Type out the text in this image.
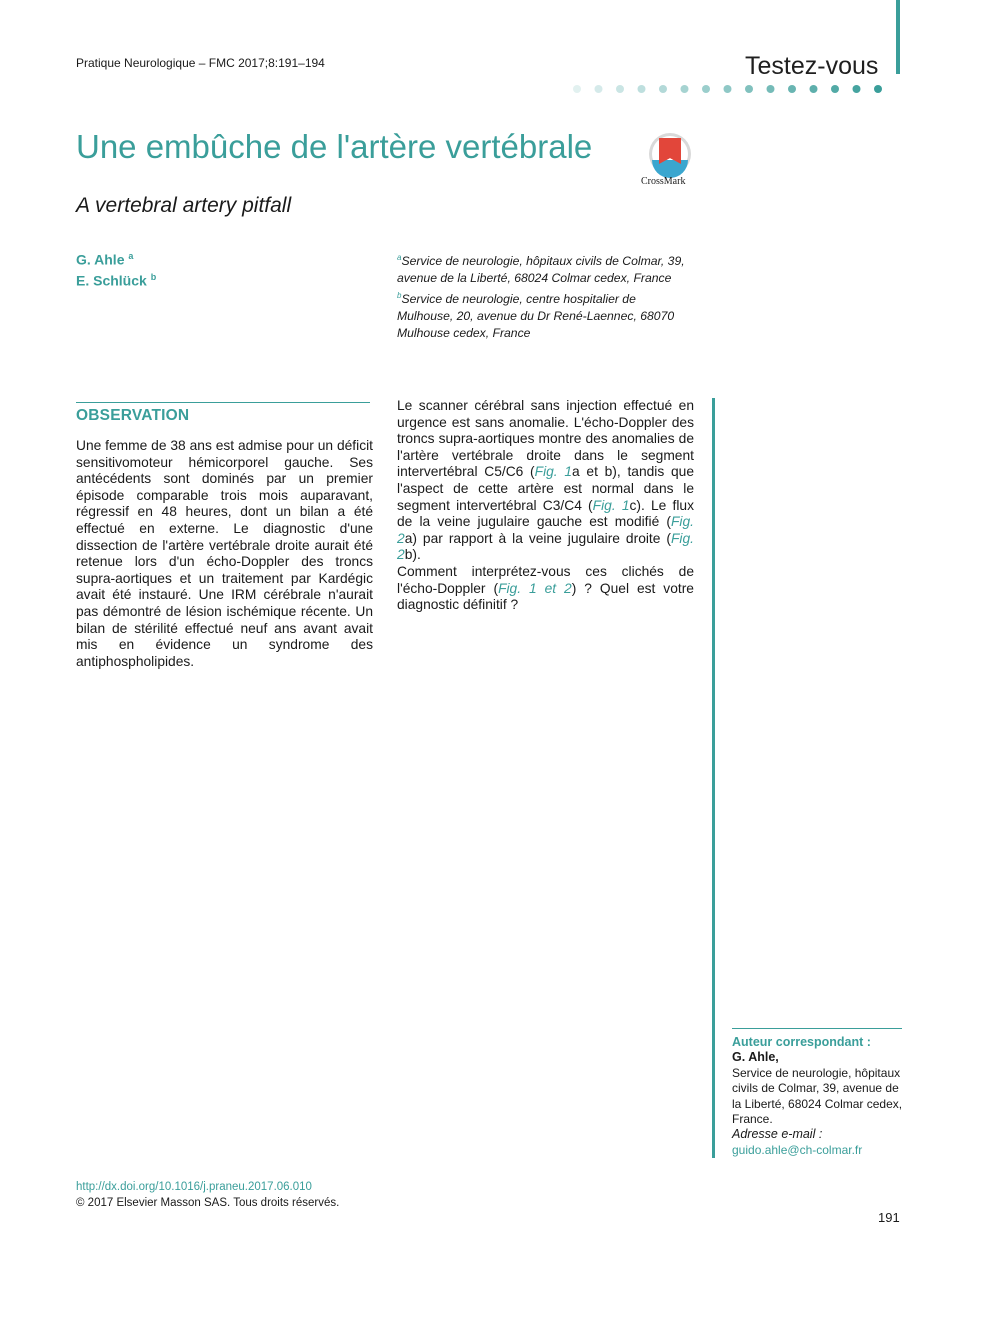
Pratique Neurologique – FMC 2017;8:191–194	Testez-vous
Une embûche de l'artère vertébrale
CrossMark
A vertebral artery pitfall
G. Ahle $^a$
E. Schlück $^b$
$^a$Service de neurologie, hôpitaux civils de Colmar, 39, avenue de la Liberté, 68024 Colmar cedex, France
$^b$Service de neurologie, centre hospitalier de Mulhouse, 20, avenue du Dr René-Laennec, 68070 Mulhouse cedex, France
OBSERVATION

Une femme de 38 ans est admise pour un déficit sensitivomoteur hémicorporel gauche. Ses antécédents sont dominés par un premier épisode comparable trois mois auparavant, régressif en 48 heures, dont un bilan a été effectué en externe. Le diagnostic d'une dissection de l'artère vertébrale droite aurait été retenue lors d'un écho-Doppler des troncs supra-aortiques et un traitement par Kardégic avait été instauré. Une IRM cérébrale n'aurait pas démontré de lésion ischémique récente. Un bilan de stérilité effectué neuf ans avant avait mis en évidence un syndrome des antiphospholipides.

Le scanner cérébral sans injection effectué en urgence est sans anomalie. L'écho-Doppler des troncs supra-aortiques montre des anomalies de l'artère vertébrale droite dans le segment intervertébral C5/C6 (Fig. 1a et b), tandis que l'aspect de cette artère est normal dans le segment intervertébral C3/C4 (Fig. 1c). Le flux de la veine jugulaire gauche est modifié (Fig. 2a) par rapport à la veine jugulaire droite (Fig. 2b).

Comment interprétez-vous ces clichés de l'écho-Doppler (Fig. 1 et 2) ? Quel est votre diagnostic définitif ?

Auteur correspondant :
G. Ahle,
Service de neurologie, hôpitaux civils de Colmar, 39, avenue de la Liberté, 68024 Colmar cedex, France.
Adresse e-mail :
guido.ahle@ch-colmar.fr
http://dx.doi.org/10.1016/j.praneu.2017.06.010
© 2017 Elsevier Masson SAS. Tous droits réservés.
191
